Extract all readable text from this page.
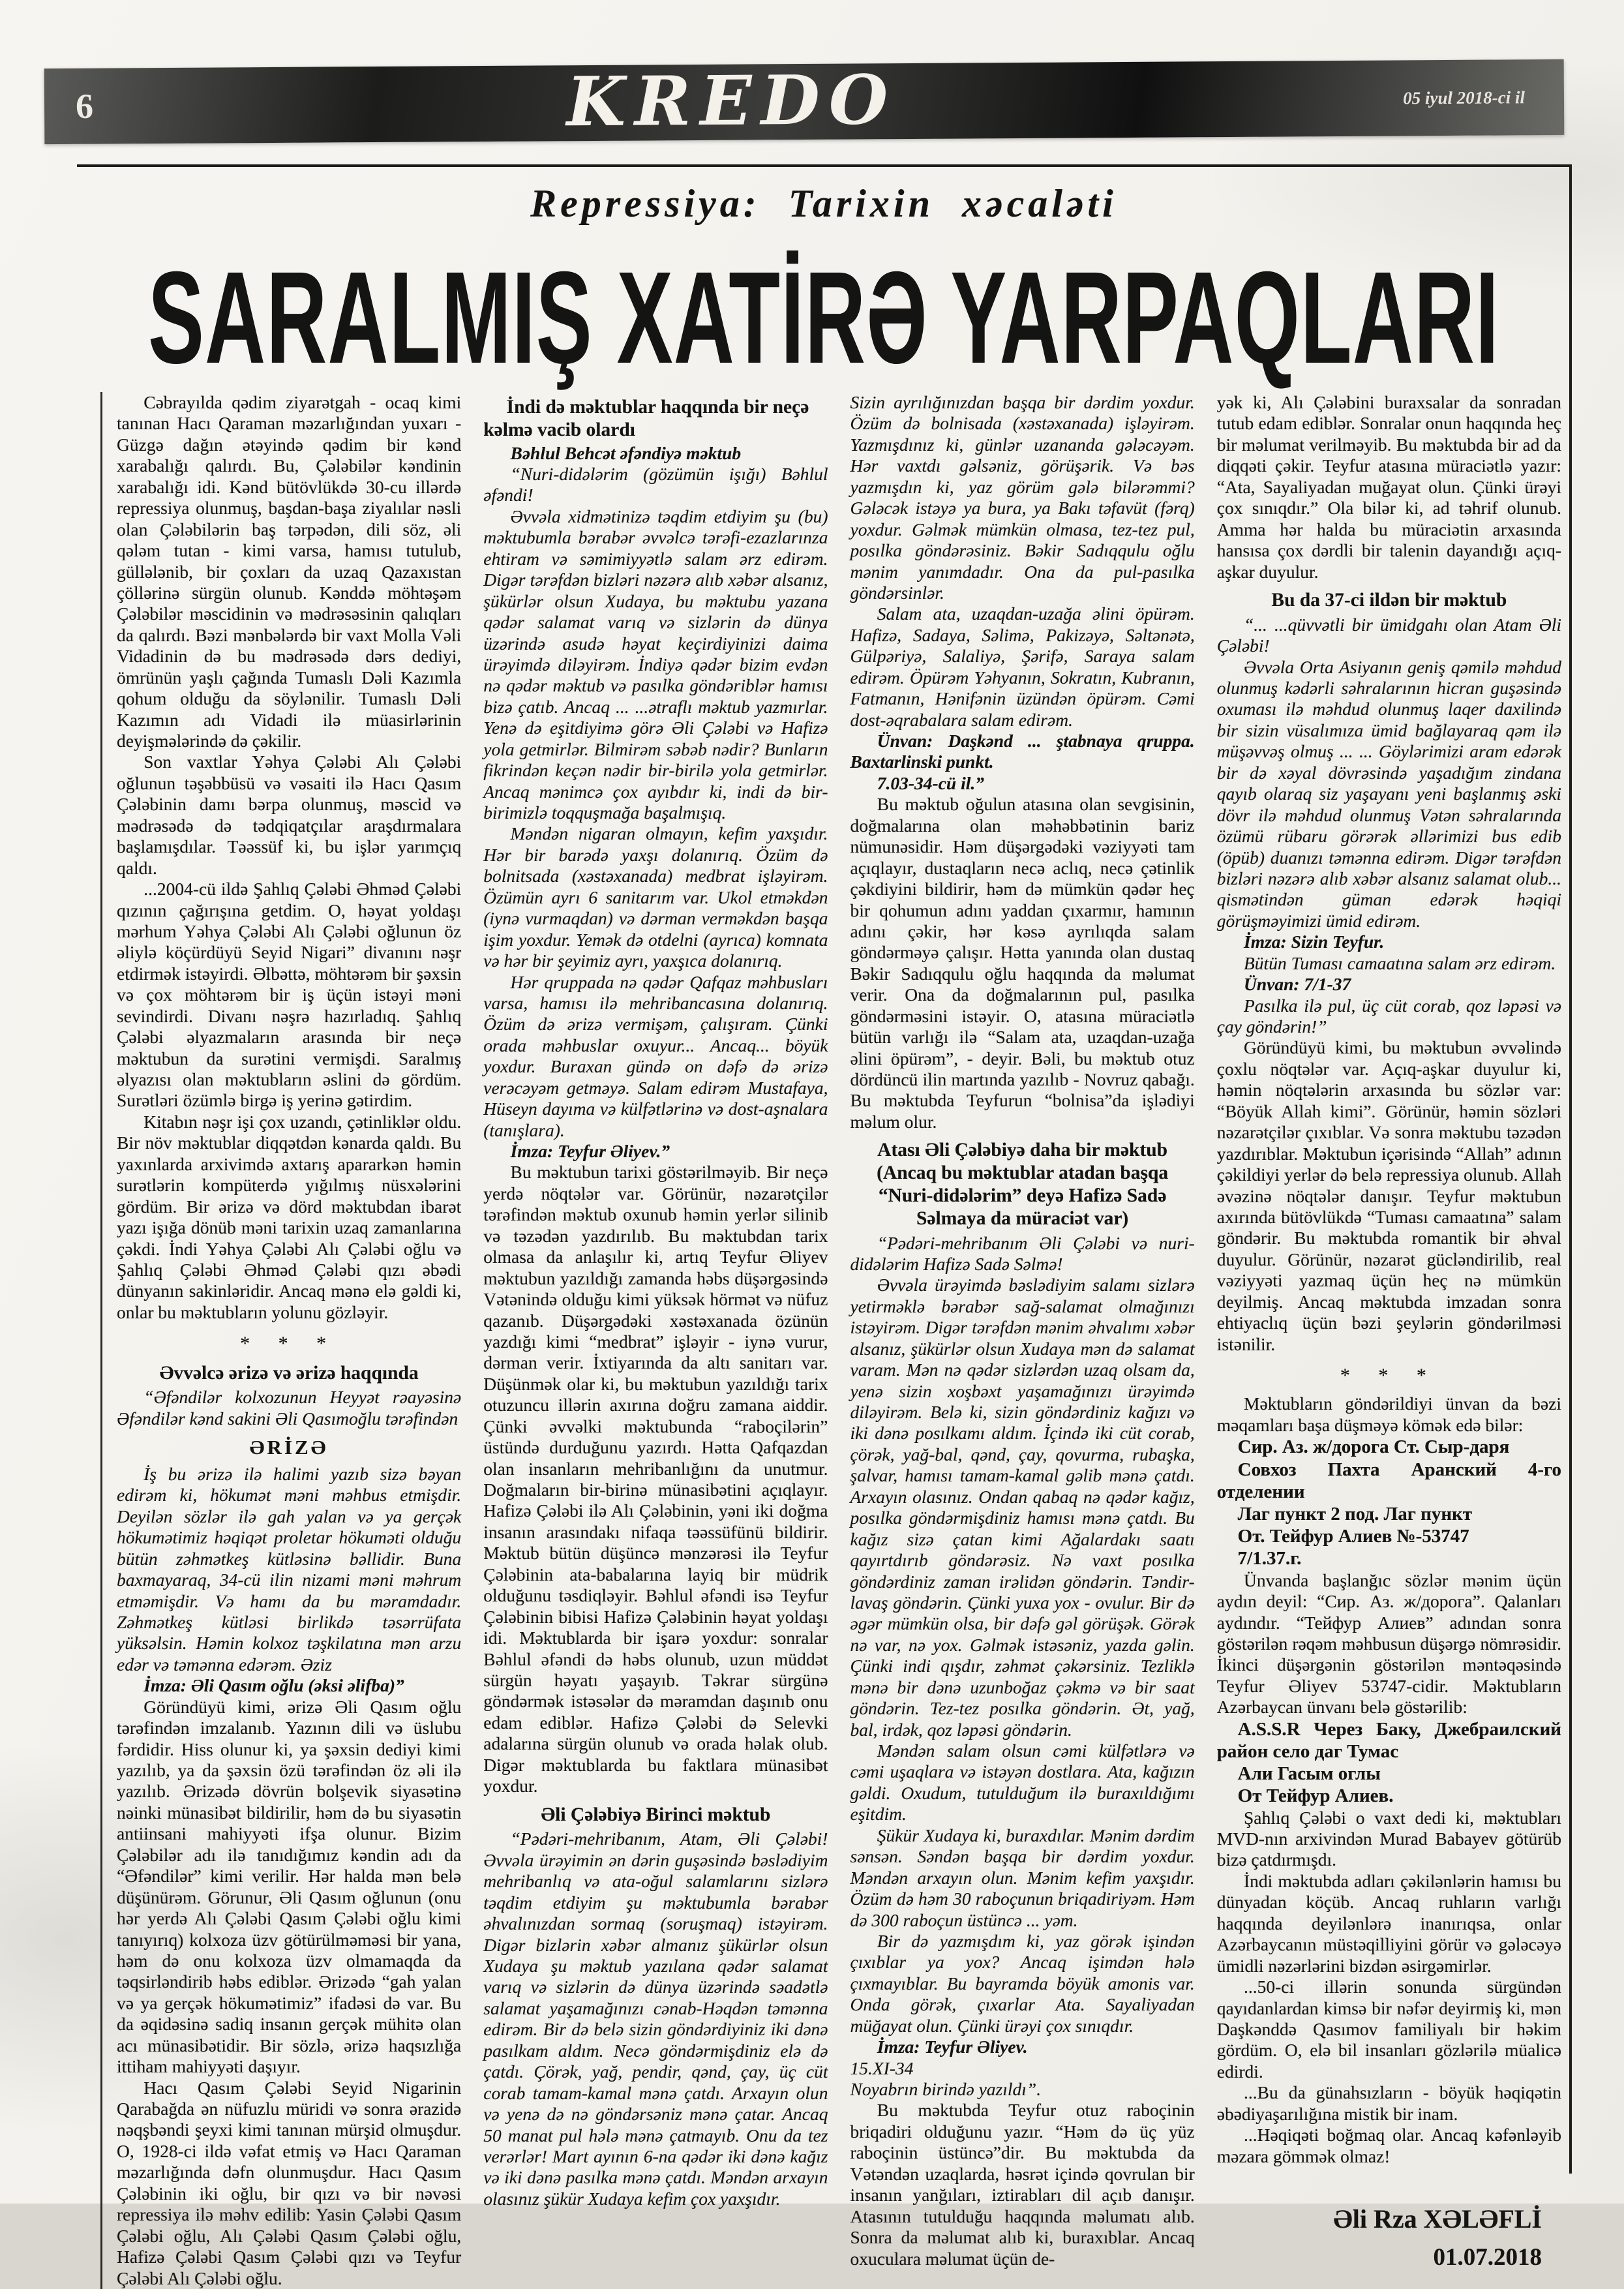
6	KREDO	05 iyul 2018-ci il
Repressiya: Tarixin xəcaləti
SARALMIŞ XATİRƏ YARPAQLARI

Cəbrayılda qədim ziyarətgah - ocaq kimi tanınan Hacı Qaraman məzarlığından yuxarı - Güzgə dağın ətəyində qədim bir kənd xarabalığı qalırdı. Bu, Çələbilər kəndinin xarabalığı idi. Kənd bütövlükdə 30-cu illərdə repressiya olunmuş, başdan-başa ziyalılar nəsli olan Çələbilərin baş tərpədən, dili söz, əli qələm tutan - kimi varsa, hamısı tutulub, güllələnib, bir çoxları da uzaq Qazaxıstan çöllərinə sürgün olunub. Kənddə möhtəşəm Çələbilər məscidinin və mədrəsəsinin qalıqları da qalırdı. Bəzi mənbələrdə bir vaxt Molla Vəli Vidadinin də bu mədrəsədə dərs dediyi, ömrünün yaşlı çağında Tumaslı Dəli Kazımla qohum olduğu da söylənilir. Tumaslı Dəli Kazımın adı Vidadi ilə müasirlərinin deyişmələrində də çəkilir.

Son vaxtlar Yəhya Çələbi Alı Çələbi oğlunun təşəbbüsü və vəsaiti ilə Hacı Qasım Çələbinin damı bərpa olunmuş, məscid və mədrəsədə də tədqiqatçılar araşdırmalara başlamışdılar. Təəssüf ki, bu işlər yarımçıq qaldı.

...2004-cü ildə Şahlıq Çələbi Əhməd Çələbi qızının çağırışına getdim. O, həyat yoldaşı mərhum Yəhya Çələbi Alı Çələbi oğlunun öz əliylə köçürdüyü Seyid Nigari” divanını nəşr etdirmək istəyirdi. Əlbəttə, möhtərəm bir şəxsin və çox möhtərəm bir iş üçün istəyi məni sevindirdi. Divanı nəşrə hazırladıq. Şahlıq Çələbi əlyazmaların arasında bir neçə məktubun da surətini vermişdi. Saralmış əlyazısı olan məktubların əslini də gördüm. Surətləri özümlə birgə iş yerinə gətirdim.

Kitabın nəşr işi çox uzandı, çətinliklər oldu. Bir növ məktublar diqqətdən kənarda qaldı. Bu yaxınlarda arxivimdə axtarış apararkən həmin surətlərin kompüterdə yığılmış nüsxələrini gördüm. Bir ərizə və dörd məktubdan ibarət yazı işığa dönüb məni tarixin uzaq zamanlarına çəkdi. İndi Yəhya Çələbi Alı Çələbi oğlu və Şahlıq Çələbi Əhməd Çələbi qızı əbədi dünyanın sakinləridir. Ancaq mənə elə gəldi ki, onlar bu məktubların yolunu gözləyir.

* * *

Əvvəlcə ərizə və ərizə haqqında

“Əfəndilər kolxozunun Heyyət rəayəsinə Əfəndilər kənd sakini Əli Qasımoğlu tərəfindən

ƏRİZƏ

İş bu ərizə ilə halimi yazıb sizə bəyan edirəm ki, hökumət məni məhbus etmişdir. Deyilən sözlər ilə gah yalan və ya gerçək hökumətimiz həqiqət proletar hökuməti olduğu bütün zəhmətkeş kütləsinə bəllidir. Buna baxmayaraq, 34-cü ilin nizami məni məhrum etməmişdir. Və hamı da bu məramdadır. Zəhmətkeş kütləsi birlikdə təsərrüfata yüksəlsin. Həmin kolxoz təşkilatına mən arzu edər və təmənna edərəm. Əziz

İmza: Əli Qasım oğlu (əksi əlifba)”

Göründüyü kimi, ərizə Əli Qasım oğlu tərəfindən imzalanıb. Yazının dili və üslubu fərdidir. Hiss olunur ki, ya şəxsin dediyi kimi yazılıb, ya da şəxsin özü tərəfindən öz əli ilə yazılıb. Ərizədə dövrün bolşevik siyasətinə nəinki münasibət bildirilir, həm də bu siyasətin antiinsani mahiyyəti ifşa olunur. Bizim Çələbilər adı ilə tanıdığımız kəndin adı da “Əfəndilər” kimi verilir. Hər halda mən belə düşünürəm. Görunur, Əli Qasım oğlunun (onu hər yerdə Alı Çələbi Qasım Çələbi oğlu kimi tanıyırıq) kolxoza üzv götürülməməsi bir yana, həm də onu kolxoza üzv olmamaqda da təqsirləndirib həbs ediblər. Ərizədə “gah yalan və ya gerçək hökumətimiz” ifadəsi də var. Bu da əqidəsinə sadiq insanın gerçək mühitə olan acı münasibətidir. Bir sözlə, ərizə haqsızlığa ittiham mahiyyəti daşıyır.

Hacı Qasım Çələbi Seyid Nigarinin Qarabağda ən nüfuzlu müridi və sonra ərazidə nəqşbəndi şeyxi kimi tanınan mürşid olmuşdur. O, 1928-ci ildə vəfat etmiş və Hacı Qaraman məzarlığında dəfn olunmuşdur. Hacı Qasım Çələbinin iki oğlu, bir qızı və bir nəvəsi repressiya ilə məhv edilib: Yasin Çələbi Qasım Çələbi oğlu, Alı Çələbi Qasım Çələbi oğlu, Hafizə Çələbi Qasım Çələbi qızı və Teyfur Çələbi Alı Çələbi oğlu.

İndi də məktublar haqqında bir neçə kəlmə vacib olardı

Bəhlul Behcət əfəndiyə məktub

“Nuri-didələrim (gözümün işığı) Bəhlul əfəndi!

Əvvəla xidmətinizə təqdim etdiyim şu (bu) məktubumla bərabər əvvəlcə tərəfi-ezazlarınza ehtiram və səmimiyyətlə salam ərz edirəm. Digər tərəfdən bizləri nəzərə alıb xəbər alsanız, şükürlər olsun Xudaya, bu məktubu yazana qədər salamat varıq və sizlərin də dünya üzərində asudə həyat keçirdiyinizi daima ürəyimdə diləyirəm. İndiyə qədər bizim evdən nə qədər məktub və pasılka göndəriblər hamısı bizə çatıb. Ancaq ... ...ətraflı məktub yazmırlar. Yenə də eşitdiyimə görə Əli Çələbi və Hafizə yola getmirlər. Bilmirəm səbəb nədir? Bunların fikrindən keçən nədir bir-birilə yola getmirlər. Ancaq mənimcə çox ayıbdır ki, indi də bir-birimizlə toqquşmağa başalmışıq.

Məndən nigaran olmayın, kefim yaxşıdır. Hər bir barədə yaxşı dolanırıq. Özüm də bolnitsada (xəstəxanada) medbrat işləyirəm. Özümün ayrı 6 sanitarım var. Ukol etməkdən (iynə vurmaqdan) və dərman verməkdən başqa işim yoxdur. Yemək də otdelni (ayrıca) komnata və hər bir şeyimiz ayrı, yaxşıca dolanırıq.

Hər qruppada nə qədər Qafqaz məhbusları varsa, hamısı ilə mehribancasına dolanırıq. Özüm də ərizə vermişəm, çalışıram. Çünki orada məhbuslar oxuyur... Ancaq... böyük yoxdur. Buraxan gündə on dəfə də ərizə verəcəyəm getməyə. Salam edirəm Mustafaya, Hüseyn dayıma və külfətlərinə və dost-aşnalara (tanışlara).

İmza: Teyfur Əliyev.”

Bu məktubun tarixi göstərilməyib. Bir neçə yerdə nöqtələr var. Görünür, nəzarətçilər tərəfindən məktub oxunub həmin yerlər silinib və təzədən yazdırılıb. Bu məktubdan tarix olmasa da anlaşılır ki, artıq Teyfur Əliyev məktubun yazıldığı zamanda həbs düşərgəsində Vətənində olduğu kimi yüksək hörmət və nüfuz qazanıb. Düşərgədəki xəstəxanada özünün yazdığı kimi “medbrat” işləyir - iynə vurur, dərman verir. İxtiyarında da altı sanitarı var. Düşünmək olar ki, bu məktubun yazıldığı tarix otuzuncu illərin axırına doğru zamana aiddir. Çünki əvvəlki məktubunda “raboçilərin” üstündə durduğunu yazırdı. Hətta Qafqazdan olan insanların mehribanlığını da unutmur. Doğmaların bir-birinə münasibətini açıqlayır. Hafizə Çələbi ilə Alı Çələbinin, yəni iki doğma insanın arasındakı nifaqa təəssüfünü bildirir. Məktub bütün düşüncə mənzərəsi ilə Teyfur Çələbinin ata-babalarına layiq bir müdrik olduğunu təsdiqləyir. Bəhlul əfəndi isə Teyfur Çələbinin bibisi Hafizə Çələbinin həyat yoldaşı idi. Məktublarda bir işarə yoxdur: sonralar Bəhlul əfəndi də həbs olunub, uzun müddət sürgün həyatı yaşayıb. Təkrar sürgünə göndərmək istəsələr də məramdan daşınıb onu edam ediblər. Hafizə Çələbi də Selevki adalarına sürgün olunub və orada həlak olub. Digər məktublarda bu faktlara münasibət yoxdur.

Əli Çələbiyə Birinci məktub

“Pədəri-mehribanım, Atam, Əli Çələbi! Əvvəla ürəyimin ən dərin guşəsində bəslədiyim mehribanlıq və ata-oğul salamlarını sizlərə təqdim etdiyim şu məktubumla bərabər əhvalınızdan sormaq (soruşmaq) istəyirəm. Digər bizlərin xəbər almanız şükürlər olsun Xudaya şu məktub yazılana qədər salamat varıq və sizlərin də dünya üzərində səadətlə salamat yaşamağınızı cənab-Həqdən təmənna edirəm. Bir də belə sizin göndərdiyiniz iki dənə pasılkam aldım. Necə göndərmişdiniz elə də çatdı. Çörək, yağ, pendir, qənd, çay, üç cüt corab tamam-kamal mənə çatdı. Arxayın olun və yenə də nə göndərsəniz mənə çatar. Ancaq 50 manat pul hələ mənə çatmayıb. Onu da tez verərlər! Mart ayının 6-na qədər iki dənə kağız və iki dənə pasılka mənə çatdı. Məndən arxayın olasınız şükür Xudaya kefim çox yaxşıdır.

Sizin ayrılığınızdan başqa bir dərdim yoxdur. Özüm də bolnisada (xəstəxanada) işləyirəm. Yazmışdınız ki, günlər uzananda gələcəyəm. Hər vaxtdı gəlsəniz, görüşərik. Və bəs yazmışdın ki, yaz görüm gələ bilərəmmi? Gələcək istəyə ya bura, ya Bakı təfavüt (fərq) yoxdur. Gəlmək mümkün olmasa, tez-tez pul, posılka göndərəsiniz. Bəkir Sadıqqulu oğlu mənim yanımdadır. Ona da pul-pasılka göndərsinlər.

Salam ata, uzaqdan-uzağa əlini öpürəm. Hafizə, Sadaya, Səlimə, Pakizəyə, Səltənətə, Gülpəriyə, Salaliyə, Şərifə, Saraya salam edirəm. Öpürəm Yəhyanın, Sokratın, Kubranın, Fatmanın, Hənifənin üzündən öpürəm. Cəmi dost-əqrabalara salam edirəm.

Ünvan: Daşkənd ... ştabnaya qruppa. Baxtarlinski punkt.

7.03-34-cü il.”

Bu məktub oğulun atasına olan sevgisinin, doğmalarına olan məhəbbətinin bariz nümunəsidir. Həm düşərgədəki vəziyyəti tam açıqlayır, dustaqların necə aclıq, necə çətinlik çəkdiyini bildirir, həm də mümkün qədər heç bir qohumun adını yaddan çıxarmır, hamının adını çəkir, hər kəsə ayrılıqda salam göndərməyə çalışır. Hətta yanında olan dustaq Bəkir Sadıqqulu oğlu haqqında da məlumat verir. Ona da doğmalarının pul, pasılka göndərməsini istəyir. O, atasına müraciətlə bütün varlığı ilə “Salam ata, uzaqdan-uzağa əlini öpürəm”, - deyir. Bəli, bu məktub otuz dördüncü ilin martında yazılıb - Novruz qabağı. Bu məktubda Teyfurun “bolnisa”da işlədiyi məlum olur.

Atası Əli Çələbiyə daha bir məktub (Ancaq bu məktublar atadan başqa “Nuri-didələrim” deyə Hafizə Sadə Səlmaya da müraciət var)

“Pədəri-mehribanım Əli Çələbi və nuri-didələrim Hafizə Sadə Səlmə!

Əvvəla ürəyimdə bəslədiyim salamı sizlərə yetirməklə bərabər sağ-salamat olmağınızı istəyirəm. Digər tərəfdən mənim əhvalımı xəbər alsanız, şükürlər olsun Xudaya mən də salamat varam. Mən nə qədər sizlərdən uzaq olsam da, yenə sizin xoşbəxt yaşamağınızı ürəyimdə diləyirəm. Belə ki, sizin göndərdiniz kağızı və iki dənə posılkamı aldım. İçində iki cüt corab, çörək, yağ-bal, qənd, çay, qovurma, rubaşka, şalvar, hamısı tamam-kamal gəlib mənə çatdı. Arxayın olasınız. Ondan qabaq nə qədər kağız, posılka göndərmişdiniz hamısı mənə çatdı. Bu kağız sizə çatan kimi Ağalardakı saatı qayırtdırıb göndərəsiz. Nə vaxt posılka göndərdiniz zaman irəlidən göndərin. Təndir-lavaş göndərin. Çünki yuxa yox - ovulur. Bir də əgər mümkün olsa, bir dəfə gəl görüşək. Görək nə var, nə yox. Gəlmək istəsəniz, yazda gəlin. Çünki indi qışdır, zəhmət çəkərsiniz. Tezliklə mənə bir dənə uzunboğaz çəkmə və bir saat göndərin. Tez-tez posılka göndərin. Ət, yağ, bal, irdək, qoz ləpəsi göndərin.

Məndən salam olsun cəmi külfətlərə və cəmi uşaqlara və istəyən dostlara. Ata, kağızın gəldi. Oxudum, tutulduğum ilə buraxıldığımı eşitdim.

Şükür Xudaya ki, buraxdılar. Mənim dərdim sənsən. Səndən başqa bir dərdim yoxdur. Məndən arxayın olun. Mənim kefim yaxşıdır. Özüm də həm 30 raboçunun briqadiriyəm. Həm də 300 raboçun üstüncə ... yəm.

Bir də yazmışdım ki, yaz görək işindən çıxıblar ya yox? Ancaq işimdən hələ çıxmayıblar. Bu bayramda böyük amonis var. Onda görək, çıxarlar Ata. Sayaliyadan müğayat olun. Çünki ürəyi çox sınıqdır.

İmza: Teyfur Əliyev.

15.XI-34

Noyabrın birində yazıldı”.

Bu məktubda Teyfur otuz raboçinin briqadiri olduğunu yazır. “Həm də üç yüz raboçinin üstüncə”dir. Bu məktubda da Vətəndən uzaqlarda, həsrət içində qovrulan bir insanın yanğıları, iztirabları dil açıb danışır. Atasının tutulduğu haqqında məlumatı alıb. Sonra da məlumat alıb ki, buraxıblar. Ancaq oxuculara məlumat üçün de-

yək ki, Alı Çələbini buraxsalar da sonradan tutub edam ediblər. Sonralar onun haqqında heç bir məlumat verilməyib. Bu məktubda bir ad da diqqəti çəkir. Teyfur atasına müraciətlə yazır: “Ata, Sayaliyadan muğayat olun. Çünki ürəyi çox sınıqdır.” Ola bilər ki, ad təhrif olunub. Amma hər halda bu müraciətin arxasında hansısa çox dərdli bir talenin dayandığı açıq-aşkar duyulur.

Bu da 37-ci ildən bir məktub

“... ...qüvvətli bir ümidgahı olan Atam Əli Çələbi!

Əvvəla Orta Asiyanın geniş qəmilə məhdud olunmuş kədərli səhralarının hicran guşəsində oxuması ilə məhdud olunmuş laqer daxilində bir sizin vüsalımıza ümid bağlayaraq qəm ilə müşəvvəş olmuş ... ... Göylərimizi aram edərək bir də xəyal dövrəsində yaşadığım zindana qayıb olaraq siz yaşayanı yeni başlanmış əski dövr ilə məhdud olunmuş Vətən səhralarında özümü rübaru görərək əllərimizi bus edib (öpüb) duanızı təmənna edirəm. Digər tərəfdən bizləri nəzərə alıb xəbər alsanız salamat olub... qismətindən güman edərək həqiqi görüşməyimizi ümid edirəm.

İmza: Sizin Teyfur.

Bütün Tuması camaatına salam ərz edirəm.

Ünvan: 7/1-37

Pasılka ilə pul, üç cüt corab, qoz ləpəsi və çay göndərin!”

Göründüyü kimi, bu məktubun əvvəlində çoxlu nöqtələr var. Açıq-aşkar duyulur ki, həmin nöqtələrin arxasında bu sözlər var: “Böyük Allah kimi”. Görünür, həmin sözləri nəzarətçilər çıxıblar. Və sonra məktubu təzədən yazdırıblar. Məktubun içərisində “Allah” adının çəkildiyi yerlər də belə repressiya olunub. Allah əvəzinə nöqtələr danışır. Teyfur məktubun axırında bütövlükdə “Tuması camaatına” salam göndərir. Bu məktubda romantik bir əhval duyulur. Görünür, nəzarət gücləndirilib, real vəziyyəti yazmaq üçün heç nə mümkün deyilmiş. Ancaq məktubda imzadan sonra ehtiyaclıq üçün bəzi şeylərin göndərilməsi istənilir.

* * *

Məktubların göndərildiyi ünvan da bəzi məqamları başa düşməyə kömək edə bilər:

Сир. Аз. ж/дорога Ст. Сыр-даря

Совхоз Пахта Аранский 4-го отделении

Лаг пункт 2 под. Лаг пункт

От. Тейфур Алиев №-53747

7/1.37.г.

Ünvanda başlanğıc sözlər mənim üçün aydın deyil: “Сир. Аз. ж/дорога”. Qalanları aydındır. “Тейфур Алиев” adından sonra göstərilən rəqəm məhbusun düşərgə nömrəsidir. İkinci düşərgənin göstərilən məntəqəsində Teyfur Əliyev 53747-cidir. Məktubların Azərbaycan ünvanı belə göstərilib:

A.S.S.R Через Баку, Джебраилский район село даг Тумас

Али Гасым оглы

От Тейфур Алиев.

Şahlıq Çələbi o vaxt dedi ki, məktubları MVD-nın arxivindən Murad Babayev götürüb bizə çatdırmışdı.

İndi məktubda adları çəkilənlərin hamısı bu dünyadan köçüb. Ancaq ruhların varlığı haqqında deyilənlərə inanırıqsa, onlar Azərbaycanın müstəqilliyini görür və gələcəyə ümidli nəzərlərini bizdən əsirgəmirlər.

...50-ci illərin sonunda sürgündən qayıdanlardan kimsə bir nəfər deyirmiş ki, mən Daşkənddə Qasımov familiyalı bir həkim gördüm. O, elə bil insanları gözlərilə müalicə edirdi.

...Bu da günahsızların - böyük həqiqətin əbədiyaşarılığına mistik bir inam.

...Həqiqəti boğmaq olar. Ancaq kəfənləyib məzara gömmək olmaz!

Əli Rza XƏLƏFLİ

01.07.2018
